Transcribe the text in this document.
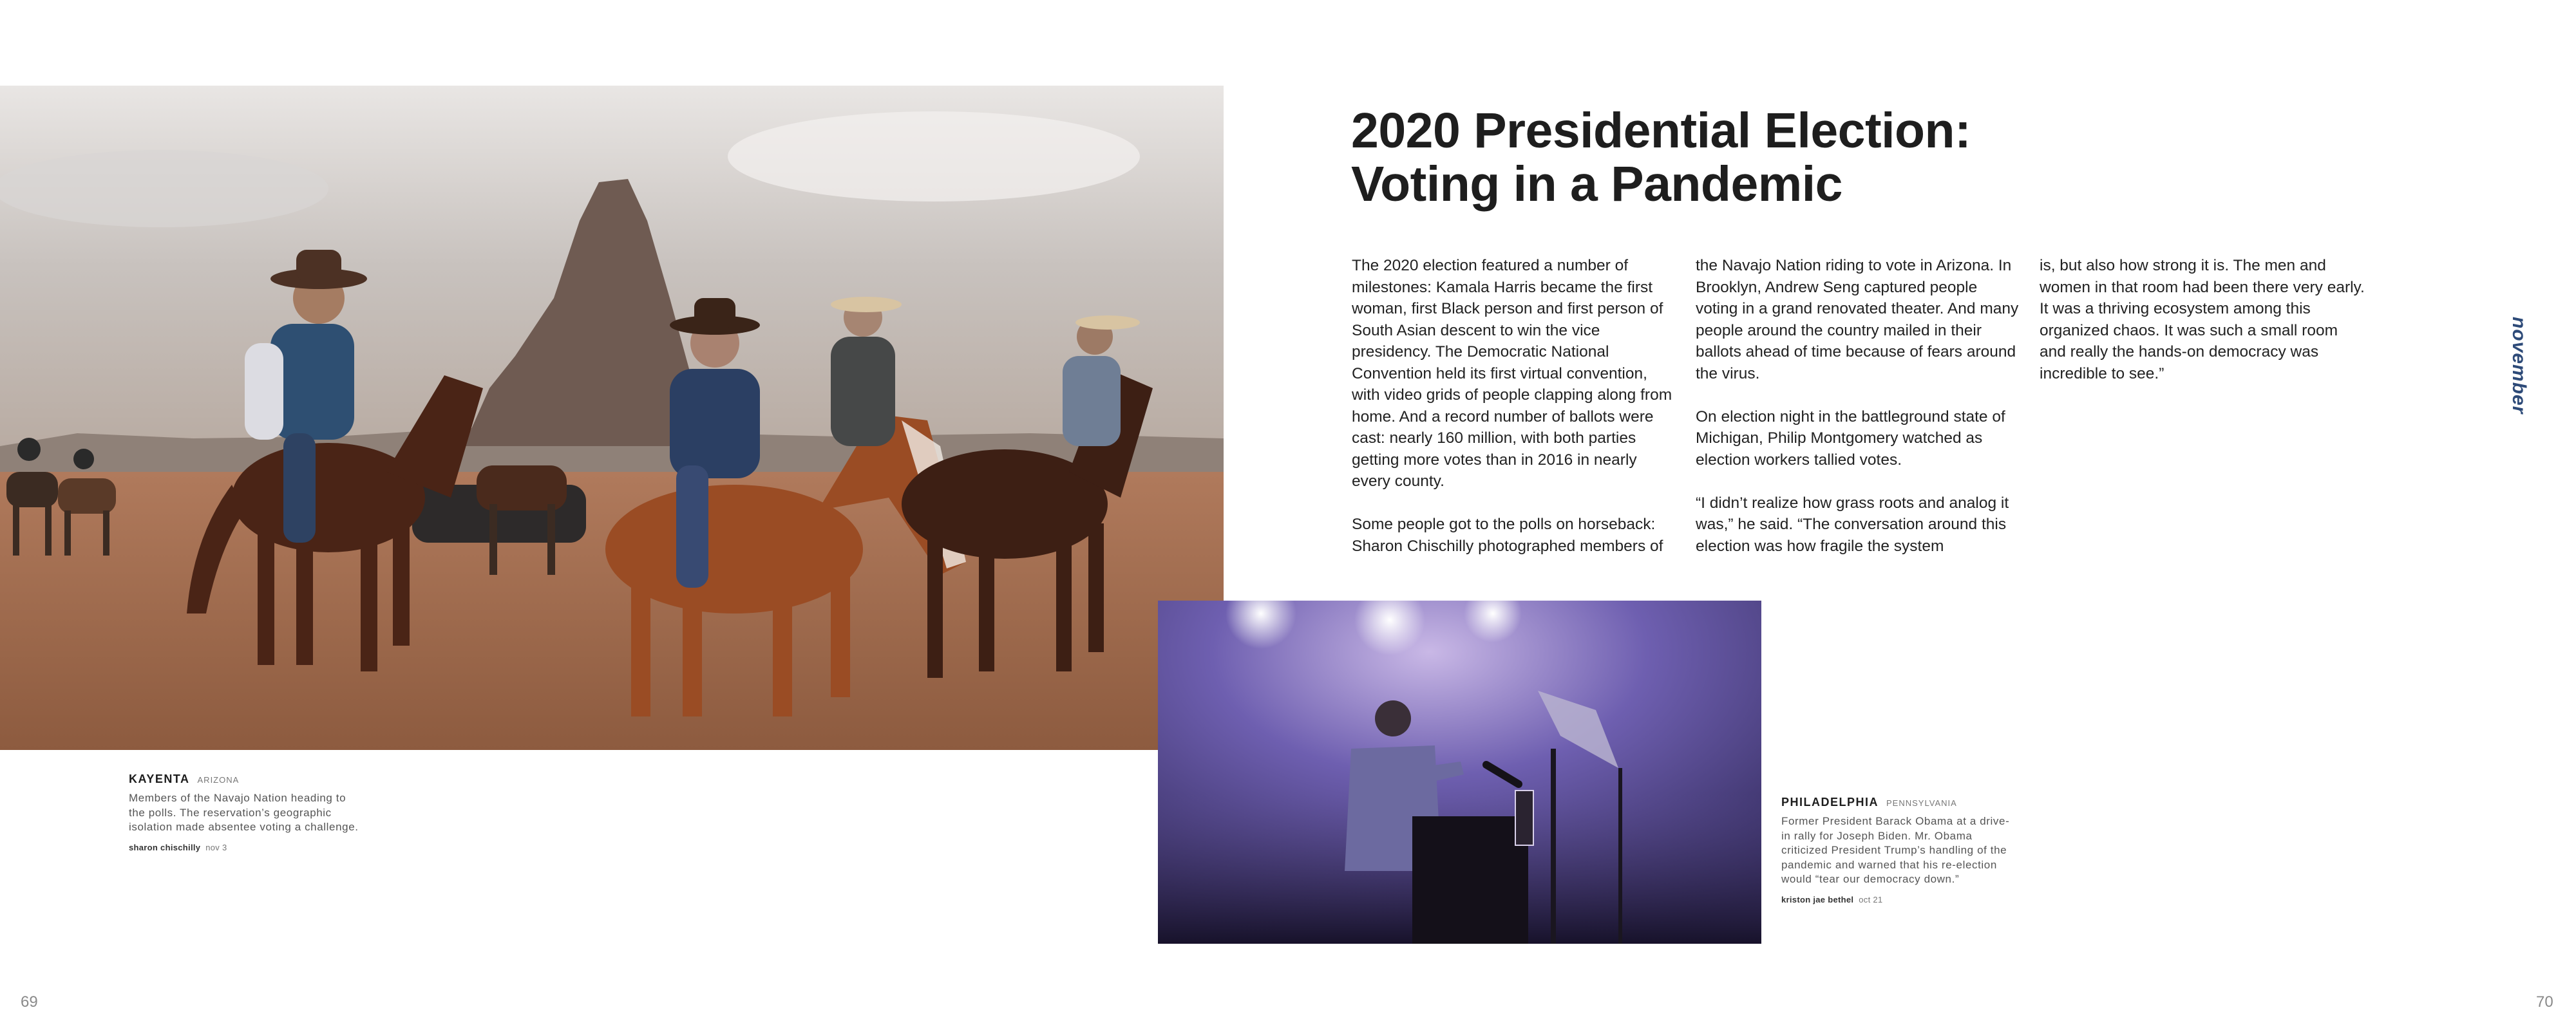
2020 Presidential Election:
Voting in a Pandemic

The 2020 election featured a number of milestones: Kamala Harris became the first woman, first Black person and first person of South Asian descent to win the vice presidency. The Democratic National Convention held its first virtual convention, with video grids of people clapping along from home. And a record number of ballots were cast: nearly 160 million, with both parties getting more votes than in 2016 in nearly every county.

Some people got to the polls on horseback: Sharon Chischilly photographed members of

the Navajo Nation riding to vote in Arizona. In Brooklyn, Andrew Seng captured people voting in a grand renovated theater. And many people around the country mailed in their ballots ahead of time because of fears around the virus.

On election night in the battleground state of Michigan, Philip Montgomery watched as election workers tallied votes.

“I didn’t realize how grass roots and analog it was,” he said. “The conversation around this election was how fragile the system

is, but also how strong it is. The men and women in that room had been there very early. It was a thriving ecosystem among this organized chaos. It was such a small room and really the hands-on democracy was incredible to see.”

KAYENTA ARIZONA

Members of the Navajo Nation heading to the polls. The reservation’s geographic isolation made absentee voting a challenge.

sharon chischilly nov 3
PHILADELPHIA PENNSYLVANIA

Former President Barack Obama at a drive-in rally for Joseph Biden. Mr. Obama criticized President Trump’s handling of the pandemic and warned that his re-election would “tear our democracy down.”

kriston jae bethel oct 21
november
69	70
